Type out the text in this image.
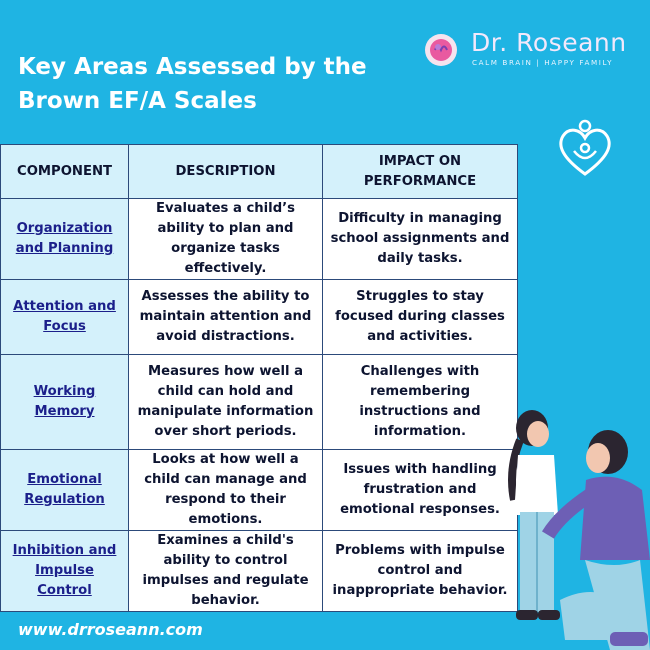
Key Areas Assessed by the Brown EF/A Scales
Dr. Roseann
CALM BRAIN | HAPPY FAMILY
COMPONENT	DESCRIPTION	IMPACT ON PERFORMANCE
Organization and Planning	Evaluates a child’s ability to plan and organize tasks effectively.	Difficulty in managing school assignments and daily tasks.
Attention and Focus	Assesses the ability to maintain attention and avoid distractions.	Struggles to stay focused during classes and activities.
Working Memory	Measures how well a child can hold and manipulate information over short periods.	Challenges with remembering instructions and information.
Emotional Regulation	Looks at how well a child can manage and respond to their emotions.	Issues with handling frustration and emotional responses.
Inhibition and Impulse Control	Examines a child's ability to control impulses and regulate behavior.	Problems with impulse control and inappropriate behavior.
www.drroseann.com
